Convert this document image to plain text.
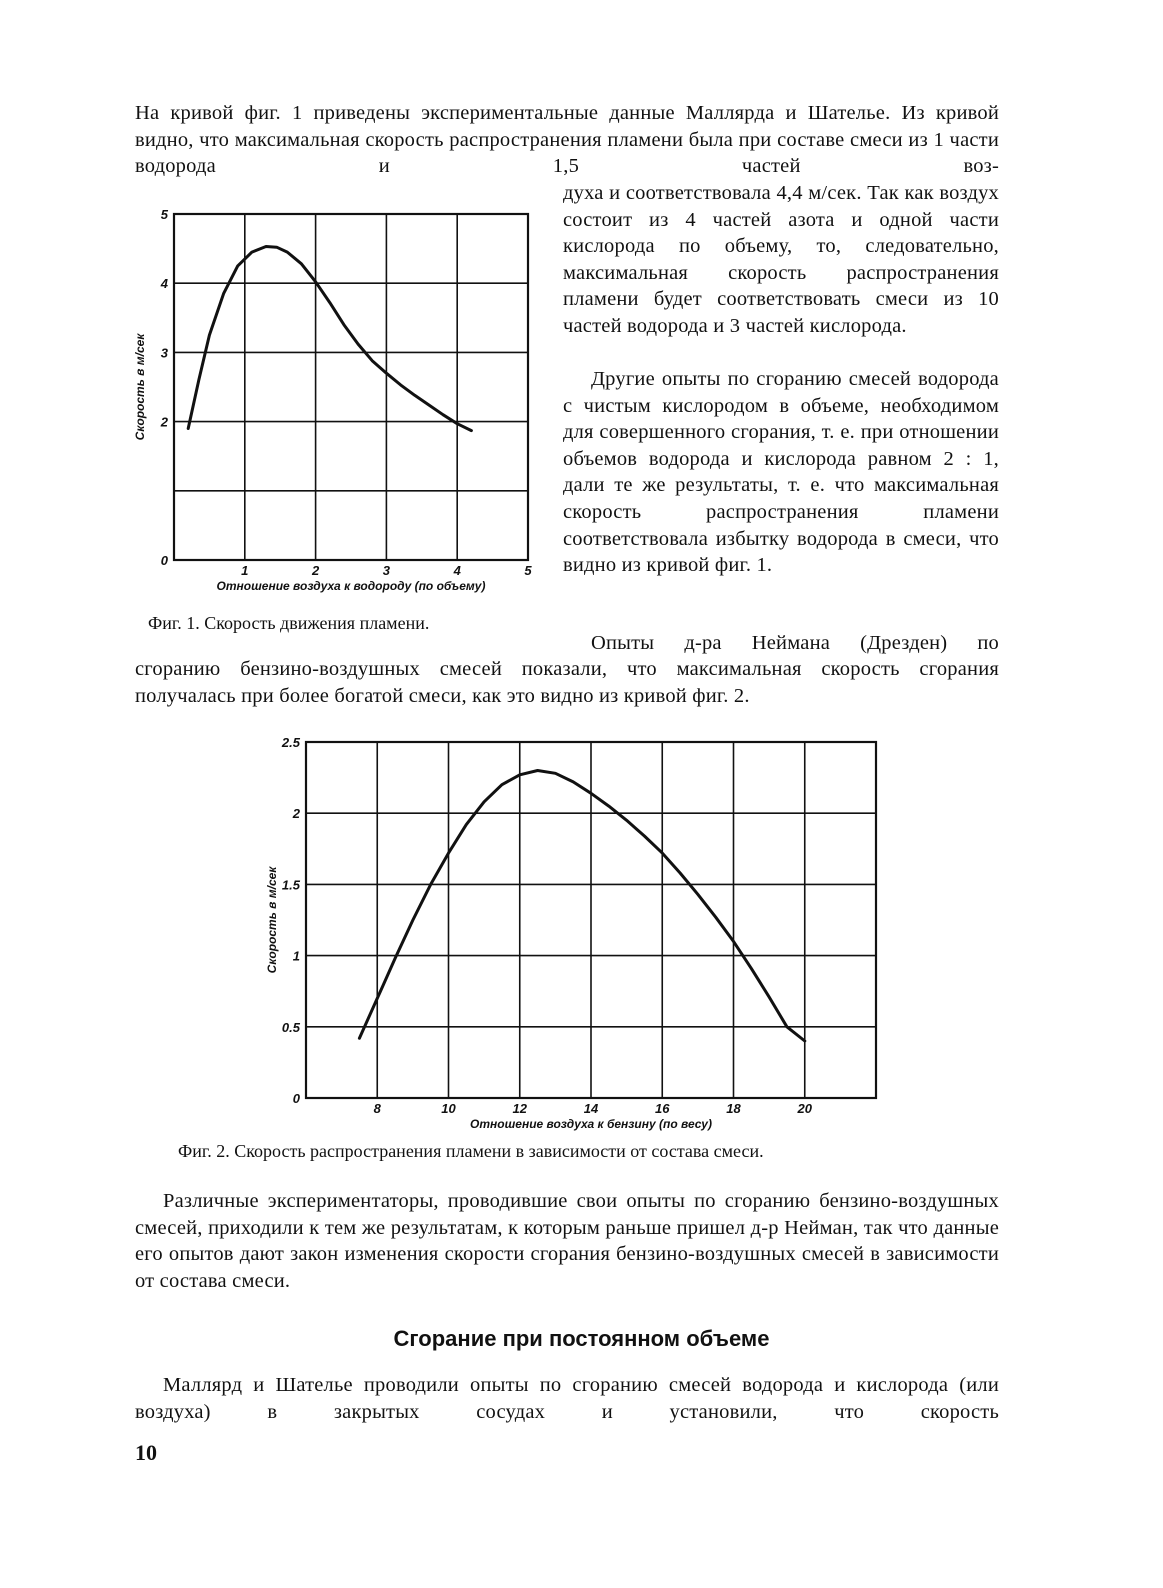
На кривой фиг. 1 приведены экспериментальные данные Маллярда и Шателье. Из кривой видно, что максимальная скорость распространения пламени была при составе смеси из 1 части водорода и 1,5 частей воз-

1	2	3	4	5
0
2
3
4
5
Отношение воздуха к водороду (по объему)
Скорость в м/сек

Фиг. 1. Скорость движения пламени.

духа и соответствовала 4,4 м/сек. Так как воздух состоит из 4 частей азота и одной части кислорода по объему, то, следовательно, максимальная скорость распространения пламени будет соответствовать смеси из 10 частей водорода и 3 частей кислорода.

Другие опыты по сгоранию смесей водорода с чистым кислородом в объеме, необходимом для совершенного сгорания, т. е. при отношении объемов водорода и кислорода равном 2 : 1, дали те же результаты, т. е. что максимальная скорость распространения пламени соответствовала избытку водорода в смеси, что видно из кривой фиг. 1.

Опыты д-ра Неймана (Дрезден) по

сгоранию бензино-воздушных смесей показали, что максимальная скорость сгорания получалась при более богатой смеси, как это видно из кривой фиг. 2.

8	10	12	14	16	18	20
0
0.5
1
1.5
2
2.5
Отношение воздуха к бензину (по весу)
Скорость в м/сек

Фиг. 2. Скорость распространения пламени в зависимости от состава смеси.

Различные экспериментаторы, проводившие свои опыты по сгоранию бензино-воздушных смесей, приходили к тем же результатам, к которым раньше пришел д-р Нейман, так что данные его опытов дают закон изменения скорости сгорания бензино-воздушных смесей в зависимости от состава смеси.

Сгорание при постоянном объеме

Маллярд и Шателье проводили опыты по сгоранию смесей водорода и кислорода (или воздуха) в закрытых сосудах и установили, что скорость

10
